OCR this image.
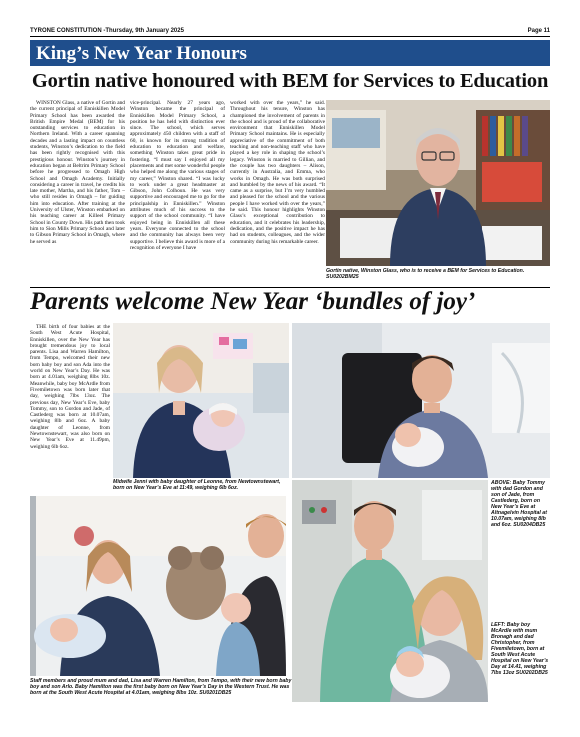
TYRONE CONSTITUTION -Thursday, 9th January 2025	Page 11
King’s New Year Honours
Gortin native honoured with BEM for Services to Education

WINSTON Glass, a native of Gortin and the current principal of Enniskillen Model Primary School has been awarded the British Empire Medal (BEM) for his outstanding services to education in Northern Ireland. With a career spanning decades and a lasting impact on countless students, Winston’s dedication to the field has been rightly recognised with this prestigious honour. Winston’s journey in education began at Beltrim Primary School before he progressed to Omagh High School and Omagh Academy. Initially considering a career in travel, he credits his late mother, Martha, and his father, Tom – who still resides in Omagh – for guiding him into education. After training at the University of Ulster, Winston embarked on his teaching career at Killeel Primary School in County Down. His path then took him to Sion Mills Primary School and later to Gibson Primary School in Omagh, where he served as

vice-principal. Nearly 27 years ago, Winston became the principal of Enniskillen Model Primary School, a position he has held with distinction ever since. The school, which serves approximately 450 children with a staff of 60, is known for its strong tradition of education to education and welfare, something Winston takes great pride in fostering. “I must say I enjoyed all my placements and met some wonderful people who helped me along the various stages of my career,” Winston shared. “I was lucky to work under a great headmaster at Gibson, John Colhoun. He was very supportive and encouraged me to go for the principalship in Enniskillen.” Winston attributes much of his success to the support of the school community. “I have enjoyed being in Enniskillen all these years. Everyone connected to the school and the community has always been very supportive. I believe this award is more of a recognition of everyone I have

worked with over the years,” he said. Throughout his tenure, Winston has championed the involvement of parents in the school and is proud of the collaborative environment that Enniskillen Model Primary School maintains. He is especially appreciative of the commitment of both teaching and non-teaching staff who have played a key role in shaping the school’s legacy. Winston is married to Gillian, and the couple has two daughters – Alison, currently in Australia, and Emma, who works in Omagh. He was both surprised and humbled by the news of his award. “It came as a surprise, but I’m very humbled and pleased for the school and the various people I have worked with over the years,” he said. This honour highlights Winston Glass’s exceptional contribution to education, and it celebrates his leadership, dedication, and the positive impact he has had on students, colleagues, and the wider community during his remarkable career.

Gortin native, Winston Glass, who is to receive a BEM for Services to Education. SU0202BM25
Parents welcome New Year ‘bundles of joy’

THE birth of four babies at the South West Acute Hospital, Enniskillen, over the New Year has brought tremendous joy to local parents. Lisa and Warren Hamilton, from Tempo, welcomed their new born baby boy and son Ada into the world on New Year’s Day. He was born at 4.01am, weighing 8lbs 10z. Meanwhile, baby boy McArdle from Fivemiletown was born later that day, weighing 7lbs 13oz. The previous day, New Year’s Eve, baby Tommy, son to Gordon and Jade, of Castlederg was born at 10.07am, weighing 8lb and 6oz. A baby daughter of Leonne, from Newtownstewart, was also born on New Year’s Eve at 11.49pm, weighing 6lb 6oz.

Midwife Jenni with baby daughter of Leonne, from Newtownstewart, born on New Year’s Eve at 11:49, weighing 6lb 6oz.
ABOVE: Baby Tommy with dad Gordon and son of Jade, from Castlederg, born on New Year’s Eve at Altnagelvin Hospital at 10.07am, weighing 8lb and 6oz. SU0204DB25
Staff members and proud mum and dad, Lisa and Warren Hamilton, from Tempo, with their new born baby boy and son Arlo. Baby Hamilton was the first baby born on New Year’s Day in the Western Trust. He was born at the South West Acute Hospital at 4.01am, weighing 8lbs 10z. SU0201DB25
LEFT: Baby boy McArdle with mum Bronagh and dad Christopher, from Fivemiletown, born at South West Acute Hospital on New Year’s Day at 14.41, weighing 7lbs 13oz SU0202DB25
